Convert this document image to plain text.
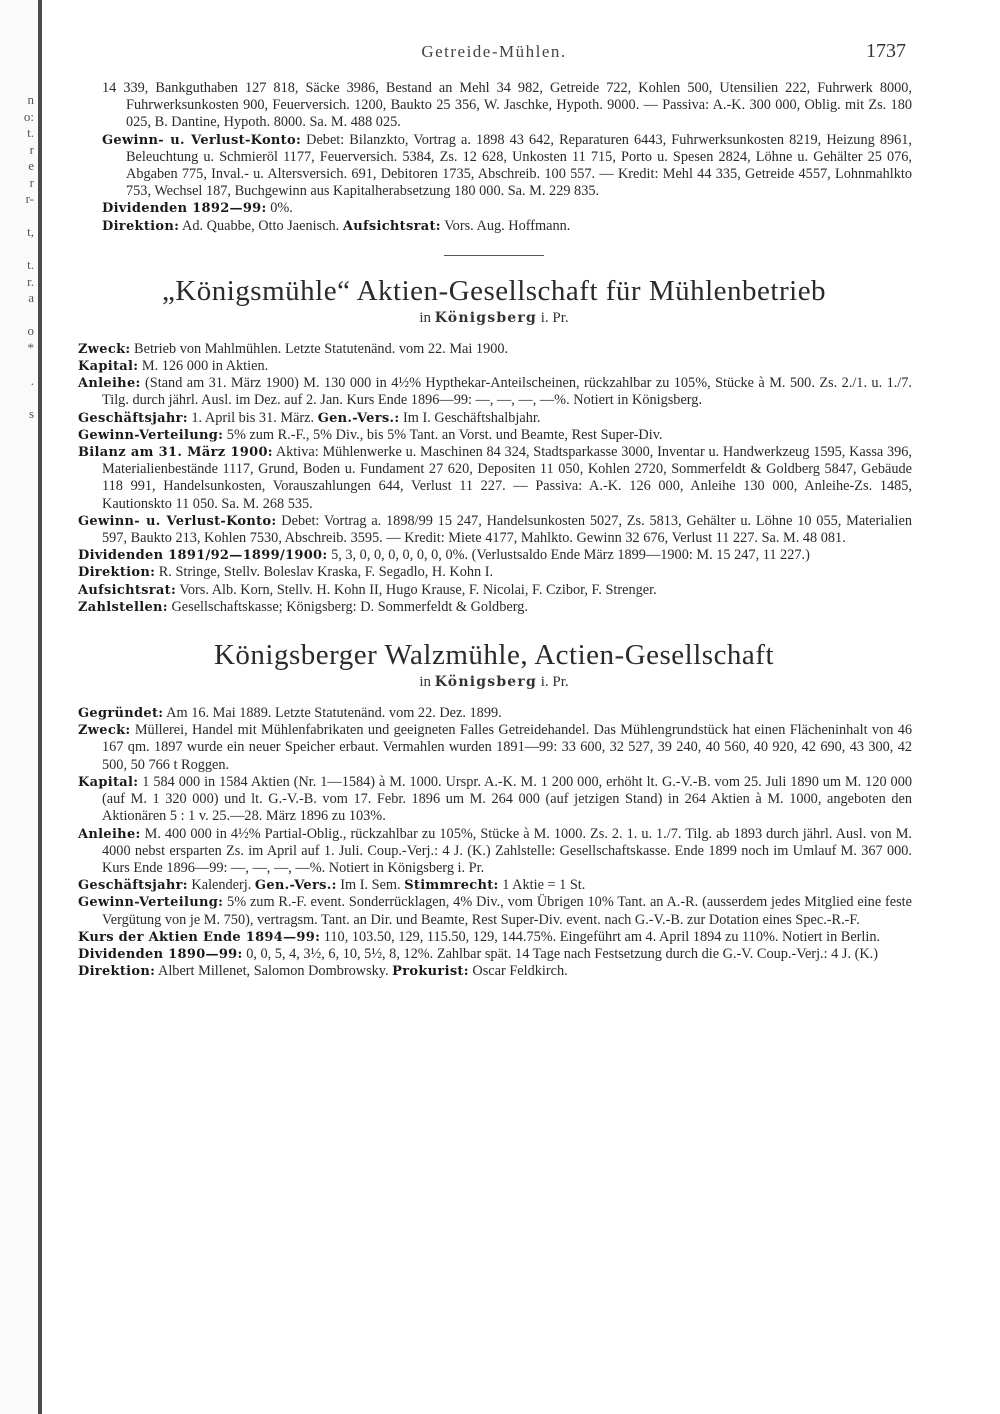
n
o:
t.
r
e
r
r-
t,
t.
r.
a
o
*
.
s
Getreide-Mühlen.	1737

14 339, Bankguthaben 127 818, Säcke 3986, Bestand an Mehl 34 982, Getreide 722, Kohlen 500, Utensilien 222, Fuhrwerk 8000, Fuhrwerksunkosten 900, Feuerversich. 1200, Baukto 25 356, W. Jaschke, Hypoth. 9000. — Passiva: A.-K. 300 000, Oblig. mit Zs. 180 025, B. Dantine, Hypoth. 8000. Sa. M. 488 025.

Gewinn- u. Verlust-Konto: Debet: Bilanzkto, Vortrag a. 1898 43 642, Reparaturen 6443, Fuhrwerksunkosten 8219, Heizung 8961, Beleuchtung u. Schmieröl 1177, Feuerversich. 5384, Zs. 12 628, Unkosten 11 715, Porto u. Spesen 2824, Löhne u. Gehälter 25 076, Abgaben 775, Inval.- u. Altersversich. 691, Debitoren 1735, Abschreib. 100 557. — Kredit: Mehl 44 335, Getreide 4557, Lohnmahlkto 753, Wechsel 187, Buchgewinn aus Kapitalherabsetzung 180 000. Sa. M. 229 835.

Dividenden 1892—99: 0%.

Direktion: Ad. Quabbe, Otto Jaenisch. Aufsichtsrat: Vors. Aug. Hoffmann.

„Königsmühle“ Aktien-Gesellschaft für Mühlenbetrieb
in Königsberg i. Pr.

Zweck: Betrieb von Mahlmühlen. Letzte Statutenänd. vom 22. Mai 1900.

Kapital: M. 126 000 in Aktien.

Anleihe: (Stand am 31. März 1900) M. 130 000 in 4½% Hypthekar-Anteilscheinen, rückzahlbar zu 105%, Stücke à M. 500. Zs. 2./1. u. 1./7. Tilg. durch jährl. Ausl. im Dez. auf 2. Jan. Kurs Ende 1896—99: —, —, —, —%. Notiert in Königsberg.

Geschäftsjahr: 1. April bis 31. März. Gen.-Vers.: Im I. Geschäftshalbjahr.

Gewinn-Verteilung: 5% zum R.-F., 5% Div., bis 5% Tant. an Vorst. und Beamte, Rest Super-Div.

Bilanz am 31. März 1900: Aktiva: Mühlenwerke u. Maschinen 84 324, Stadtsparkasse 3000, Inventar u. Handwerkzeug 1595, Kassa 396, Materialienbestände 1117, Grund, Boden u. Fundament 27 620, Depositen 11 050, Kohlen 2720, Sommerfeldt & Goldberg 5847, Gebäude 118 991, Handelsunkosten, Vorauszahlungen 644, Verlust 11 227. — Passiva: A.-K. 126 000, Anleihe 130 000, Anleihe-Zs. 1485, Kautionskto 11 050. Sa. M. 268 535.

Gewinn- u. Verlust-Konto: Debet: Vortrag a. 1898/99 15 247, Handelsunkosten 5027, Zs. 5813, Gehälter u. Löhne 10 055, Materialien 597, Baukto 213, Kohlen 7530, Abschreib. 3595. — Kredit: Miete 4177, Mahlkto. Gewinn 32 676, Verlust 11 227. Sa. M. 48 081.

Dividenden 1891/92—1899/1900: 5, 3, 0, 0, 0, 0, 0, 0, 0%. (Verlustsaldo Ende März 1899—1900: M. 15 247, 11 227.)

Direktion: R. Stringe, Stellv. Boleslav Kraska, F. Segadlo, H. Kohn I.

Aufsichtsrat: Vors. Alb. Korn, Stellv. H. Kohn II, Hugo Krause, F. Nicolai, F. Czibor, F. Strenger.

Zahlstellen: Gesellschaftskasse; Königsberg: D. Sommerfeldt & Goldberg.

Königsberger Walzmühle, Actien-Gesellschaft
in Königsberg i. Pr.

Gegründet: Am 16. Mai 1889. Letzte Statutenänd. vom 22. Dez. 1899.

Zweck: Müllerei, Handel mit Mühlenfabrikaten und geeigneten Falles Getreidehandel. Das Mühlengrundstück hat einen Flächeninhalt von 46 167 qm. 1897 wurde ein neuer Speicher erbaut. Vermahlen wurden 1891—99: 33 600, 32 527, 39 240, 40 560, 40 920, 42 690, 43 300, 42 500, 50 766 t Roggen.

Kapital: 1 584 000 in 1584 Aktien (Nr. 1—1584) à M. 1000. Urspr. A.-K. M. 1 200 000, erhöht lt. G.-V.-B. vom 25. Juli 1890 um M. 120 000 (auf M. 1 320 000) und lt. G.-V.-B. vom 17. Febr. 1896 um M. 264 000 (auf jetzigen Stand) in 264 Aktien à M. 1000, angeboten den Aktionären 5 : 1 v. 25.—28. März 1896 zu 103%.

Anleihe: M. 400 000 in 4½% Partial-Oblig., rückzahlbar zu 105%, Stücke à M. 1000. Zs. 2. 1. u. 1./7. Tilg. ab 1893 durch jährl. Ausl. von M. 4000 nebst ersparten Zs. im April auf 1. Juli. Coup.-Verj.: 4 J. (K.) Zahlstelle: Gesellschaftskasse. Ende 1899 noch im Umlauf M. 367 000. Kurs Ende 1896—99: —, —, —, —%. Notiert in Königsberg i. Pr.

Geschäftsjahr: Kalenderj. Gen.-Vers.: Im I. Sem. Stimmrecht: 1 Aktie = 1 St.

Gewinn-Verteilung: 5% zum R.-F. event. Sonderrücklagen, 4% Div., vom Übrigen 10% Tant. an A.-R. (ausserdem jedes Mitglied eine feste Vergütung von je M. 750), vertragsm. Tant. an Dir. und Beamte, Rest Super-Div. event. nach G.-V.-B. zur Dotation eines Spec.-R.-F.

Kurs der Aktien Ende 1894—99: 110, 103.50, 129, 115.50, 129, 144.75%. Eingeführt am 4. April 1894 zu 110%. Notiert in Berlin.

Dividenden 1890—99: 0, 0, 5, 4, 3½, 6, 10, 5½, 8, 12%. Zahlbar spät. 14 Tage nach Festsetzung durch die G.-V. Coup.-Verj.: 4 J. (K.)

Direktion: Albert Millenet, Salomon Dombrowsky. Prokurist: Oscar Feldkirch.
